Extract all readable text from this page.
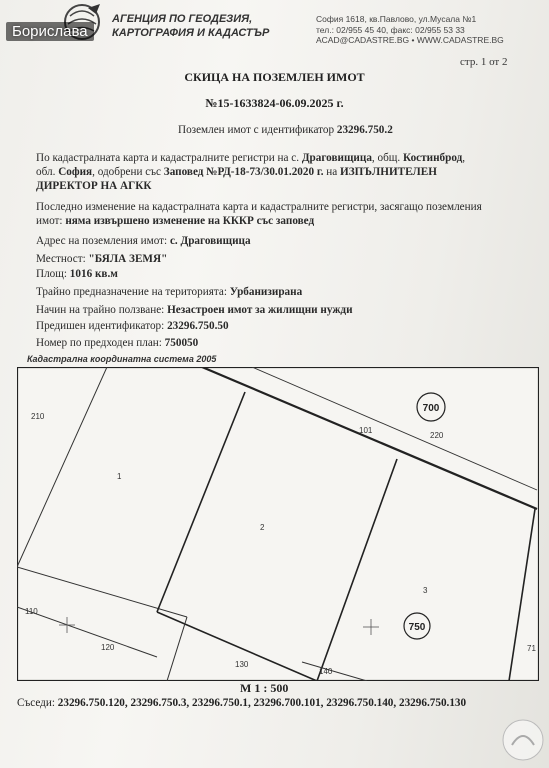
Борислава
АГЕНЦИЯ ПО ГЕОДЕЗИЯ,
КАРТОГРАФИЯ И КАДАСТЪР
София 1618, кв.Павлово, ул.Мусала №1
тел.: 02/955 45 40, факс: 02/955 53 33
ACAD@CADASTRE.BG • WWW.CADASTRE.BG
стр. 1 от 2
СКИЦА НА ПОЗЕМЛЕН ИМОТ
№15-1633824-06.09.2025 г.
Поземлен имот с идентификатор 23296.750.2
По кадастралната карта и кадастралните регистри на с. Драговищица, общ. Костинброд,
обл. София, одобрени със Заповед №РД-18-73/30.01.2020 г. на ИЗПЪЛНИТЕЛЕН
ДИРЕКТОР НА АГКК
Последно изменение на кадастралната карта и кадастралните регистри, засягащо поземления
имот: няма извършено изменение на КККР със заповед
Адрес на поземления имот: с. Драговищица
Местност: "БЯЛА ЗЕМЯ"
Площ: 1016 кв.м
Трайно предназначение на територията: Урбанизирана
Начин на трайно ползване: Незастроен имот за жилищни нужди
Предишен идентификатор: 23296.750.50
Номер по предходен план: 750050
Кадастрална координатна система 2005
700
750
210
1
2
3
101
220
110
120
130
140
71
М 1 : 500
Съседи: 23296.750.120, 23296.750.3, 23296.750.1, 23296.700.101, 23296.750.140, 23296.750.130
